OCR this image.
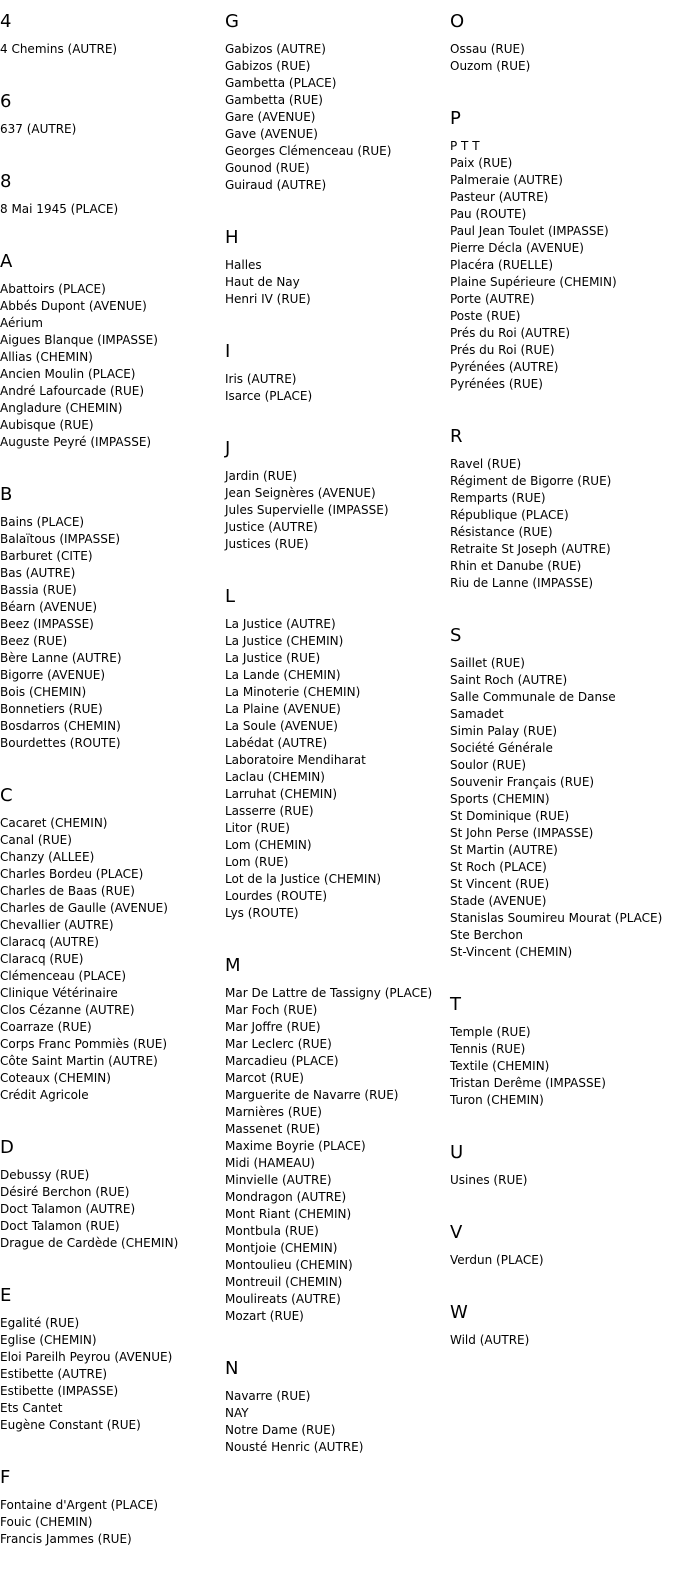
4
4 Chemins (AUTRE)
6
637 (AUTRE)
8
8 Mai 1945 (PLACE)
A
Abattoirs (PLACE)
Abbés Dupont (AVENUE)
Aérium
Aigues Blanque (IMPASSE)
Allias (CHEMIN)
Ancien Moulin (PLACE)
André Lafourcade (RUE)
Angladure (CHEMIN)
Aubisque (RUE)
Auguste Peyré (IMPASSE)
B
Bains (PLACE)
Balaïtous (IMPASSE)
Barburet (CITE)
Bas (AUTRE)
Bassia (RUE)
Béarn (AVENUE)
Beez (IMPASSE)
Beez (RUE)
Bère Lanne (AUTRE)
Bigorre (AVENUE)
Bois (CHEMIN)
Bonnetiers (RUE)
Bosdarros (CHEMIN)
Bourdettes (ROUTE)
C
Cacaret (CHEMIN)
Canal (RUE)
Chanzy (ALLEE)
Charles Bordeu (PLACE)
Charles de Baas (RUE)
Charles de Gaulle (AVENUE)
Chevallier (AUTRE)
Claracq (AUTRE)
Claracq (RUE)
Clémenceau (PLACE)
Clinique Vétérinaire
Clos Cézanne (AUTRE)
Coarraze (RUE)
Corps Franc Pommiès (RUE)
Côte Saint Martin (AUTRE)
Coteaux (CHEMIN)
Crédit Agricole
D
Debussy (RUE)
Désiré Berchon (RUE)
Doct Talamon (AUTRE)
Doct Talamon (RUE)
Drague de Cardède (CHEMIN)
E
Egalité (RUE)
Eglise (CHEMIN)
Eloi Pareilh Peyrou (AVENUE)
Estibette (AUTRE)
Estibette (IMPASSE)
Ets Cantet
Eugène Constant (RUE)
F
Fontaine d'Argent (PLACE)
Fouic (CHEMIN)
Francis Jammes (RUE)
G
Gabizos (AUTRE)
Gabizos (RUE)
Gambetta (PLACE)
Gambetta (RUE)
Gare (AVENUE)
Gave (AVENUE)
Georges Clémenceau (RUE)
Gounod (RUE)
Guiraud (AUTRE)
H
Halles
Haut de Nay
Henri IV (RUE)
I
Iris (AUTRE)
Isarce (PLACE)
J
Jardin (RUE)
Jean Seignères (AVENUE)
Jules Supervielle (IMPASSE)
Justice (AUTRE)
Justices (RUE)
L
La Justice (AUTRE)
La Justice (CHEMIN)
La Justice (RUE)
La Lande (CHEMIN)
La Minoterie (CHEMIN)
La Plaine (AVENUE)
La Soule (AVENUE)
Labédat (AUTRE)
Laboratoire Mendiharat
Laclau (CHEMIN)
Larruhat (CHEMIN)
Lasserre (RUE)
Litor (RUE)
Lom (CHEMIN)
Lom (RUE)
Lot de la Justice (CHEMIN)
Lourdes (ROUTE)
Lys (ROUTE)
M
Mar De Lattre de Tassigny (PLACE)
Mar Foch (RUE)
Mar Joffre (RUE)
Mar Leclerc (RUE)
Marcadieu (PLACE)
Marcot (RUE)
Marguerite de Navarre (RUE)
Marnières (RUE)
Massenet (RUE)
Maxime Boyrie (PLACE)
Midi (HAMEAU)
Minvielle (AUTRE)
Mondragon (AUTRE)
Mont Riant (CHEMIN)
Montbula (RUE)
Montjoie (CHEMIN)
Montoulieu (CHEMIN)
Montreuil (CHEMIN)
Moulireats (AUTRE)
Mozart (RUE)
N
Navarre (RUE)
NAY
Notre Dame (RUE)
Nousté Henric (AUTRE)
O
Ossau (RUE)
Ouzom (RUE)
P
P T T
Paix (RUE)
Palmeraie (AUTRE)
Pasteur (AUTRE)
Pau (ROUTE)
Paul Jean Toulet (IMPASSE)
Pierre Décla (AVENUE)
Placéra (RUELLE)
Plaine Supérieure (CHEMIN)
Porte (AUTRE)
Poste (RUE)
Prés du Roi (AUTRE)
Prés du Roi (RUE)
Pyrénées (AUTRE)
Pyrénées (RUE)
R
Ravel (RUE)
Régiment de Bigorre (RUE)
Remparts (RUE)
République (PLACE)
Résistance (RUE)
Retraite St Joseph (AUTRE)
Rhin et Danube (RUE)
Riu de Lanne (IMPASSE)
S
Saillet (RUE)
Saint Roch (AUTRE)
Salle Communale de Danse
Samadet
Simin Palay (RUE)
Société Générale
Soulor (RUE)
Souvenir Français (RUE)
Sports (CHEMIN)
St Dominique (RUE)
St John Perse (IMPASSE)
St Martin (AUTRE)
St Roch (PLACE)
St Vincent (RUE)
Stade (AVENUE)
Stanislas Soumireu Mourat (PLACE)
Ste Berchon
St-Vincent (CHEMIN)
T
Temple (RUE)
Tennis (RUE)
Textile (CHEMIN)
Tristan Derême (IMPASSE)
Turon (CHEMIN)
U
Usines (RUE)
V
Verdun (PLACE)
W
Wild (AUTRE)
